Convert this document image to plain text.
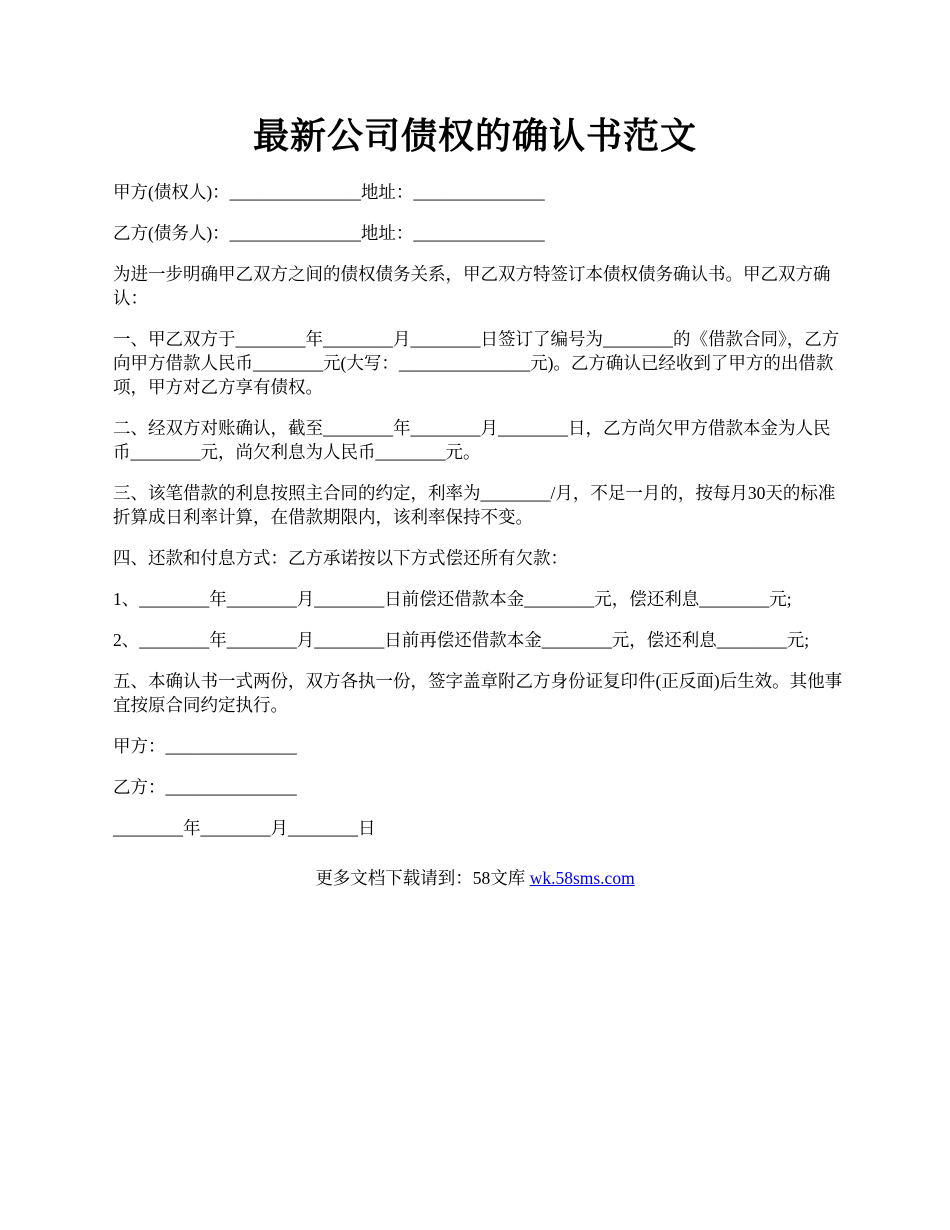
最新公司债权的确认书范文

甲方(债权人)：_______________地址：_______________

乙方(债务人)：_______________地址：_______________

为进一步明确甲乙双方之间的债权债务关系，甲乙双方特签订本债权债务确认书。甲乙双方确认：

一、甲乙双方于________年________月________日签订了编号为________的《借款合同》，乙方向甲方借款人民币________元(大写：_______________元)。乙方确认已经收到了甲方的出借款项，甲方对乙方享有债权。

二、经双方对账确认，截至________年________月________日，乙方尚欠甲方借款本金为人民币________元，尚欠利息为人民币________元。

三、该笔借款的利息按照主合同的约定，利率为________/月，不足一月的，按每月30天的标准折算成日利率计算，在借款期限内，该利率保持不变。

四、还款和付息方式：乙方承诺按以下方式偿还所有欠款：

1、________年________月________日前偿还借款本金________元，偿还利息________元;

2、________年________月________日前再偿还借款本金________元，偿还利息________元;

五、本确认书一式两份，双方各执一份，签字盖章附乙方身份证复印件(正反面)后生效。其他事宜按原合同约定执行。

甲方：_______________

乙方：_______________

________年________月________日

更多文档下载请到：58文库 wk.58sms.com
